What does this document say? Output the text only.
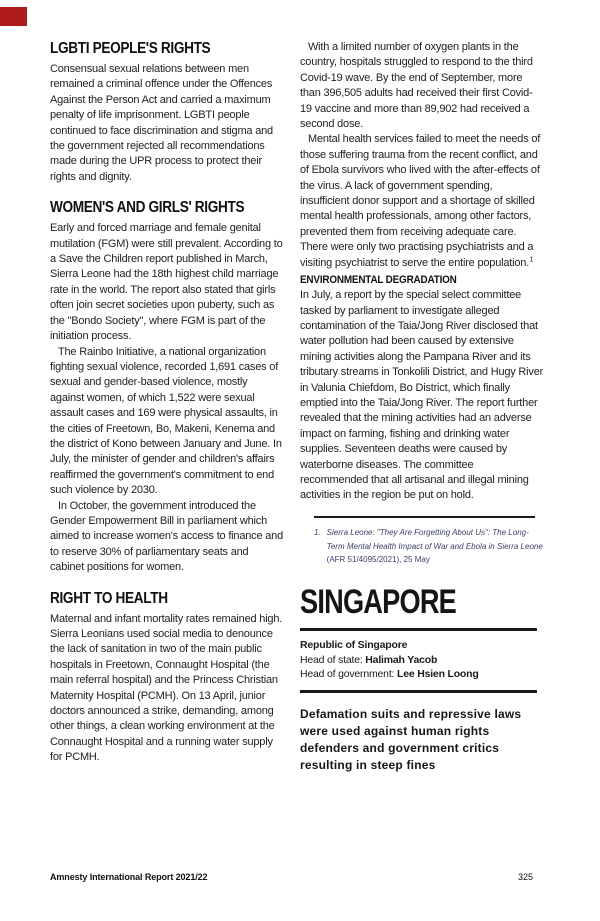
LGBTI PEOPLE'S RIGHTS

Consensual sexual relations between men remained a criminal offence under the Offences Against the Person Act and carried a maximum penalty of life imprisonment. LGBTI people continued to face discrimination and stigma and the government rejected all recommendations made during the UPR process to protect their rights and dignity.

WOMEN'S AND GIRLS' RIGHTS

Early and forced marriage and female genital mutilation (FGM) were still prevalent. According to a Save the Children report published in March, Sierra Leone had the 18th highest child marriage rate in the world. The report also stated that girls often join secret societies upon puberty, such as the "Bondo Society", where FGM is part of the initiation process.

The Rainbo Initiative, a national organization fighting sexual violence, recorded 1,691 cases of sexual and gender-based violence, mostly against women, of which 1,522 were sexual assault cases and 169 were physical assaults, in the cities of Freetown, Bo, Makeni, Kenema and the district of Kono between January and June. In July, the minister of gender and children's affairs reaffirmed the government's commitment to end such violence by 2030.

In October, the government introduced the Gender Empowerment Bill in parliament which aimed to increase women's access to finance and to reserve 30% of parliamentary seats and cabinet positions for women.

RIGHT TO HEALTH

Maternal and infant mortality rates remained high. Sierra Leonians used social media to denounce the lack of sanitation in two of the main public hospitals in Freetown, Connaught Hospital (the main referral hospital) and the Princess Christian Maternity Hospital (PCMH). On 13 April, junior doctors announced a strike, demanding, among other things, a clean working environment at the Connaught Hospital and a running water supply for PCMH.

With a limited number of oxygen plants in the country, hospitals struggled to respond to the third Covid-19 wave. By the end of September, more than 396,505 adults had received their first Covid-19 vaccine and more than 89,902 had received a second dose.

Mental health services failed to meet the needs of those suffering trauma from the recent conflict, and of Ebola survivors who lived with the after-effects of the virus. A lack of government spending, insufficient donor support and a shortage of skilled mental health professionals, among other factors, prevented them from receiving adequate care. There were only two practising psychiatrists and a visiting psychiatrist to serve the entire population.$^1$

ENVIRONMENTAL DEGRADATION

In July, a report by the special select committee tasked by parliament to investigate alleged contamination of the Taia/Jong River disclosed that water pollution had been caused by extensive mining activities along the Pampana River and its tributary streams in Tonkolili District, and Hugy River in Valunia Chiefdom, Bo District, which finally emptied into the Taia/Jong River. The report further revealed that the mining activities had an adverse impact on farming, fishing and drinking water supplies. Seventeen deaths were caused by waterborne diseases. The committee recommended that all artisanal and illegal mining activities in the region be put on hold.

1. Sierra Leone: "They Are Forgetting About Us": The Long-Term Mental Health Impact of War and Ebola in Sierra Leone (AFR 51/4095/2021), 25 May
SINGAPORE
Republic of Singapore
Head of state: Halimah Yacob
Head of government: Lee Hsien Loong

Defamation suits and repressive laws were used against human rights defenders and government critics resulting in steep fines

Amnesty International Report 2021/22	325
